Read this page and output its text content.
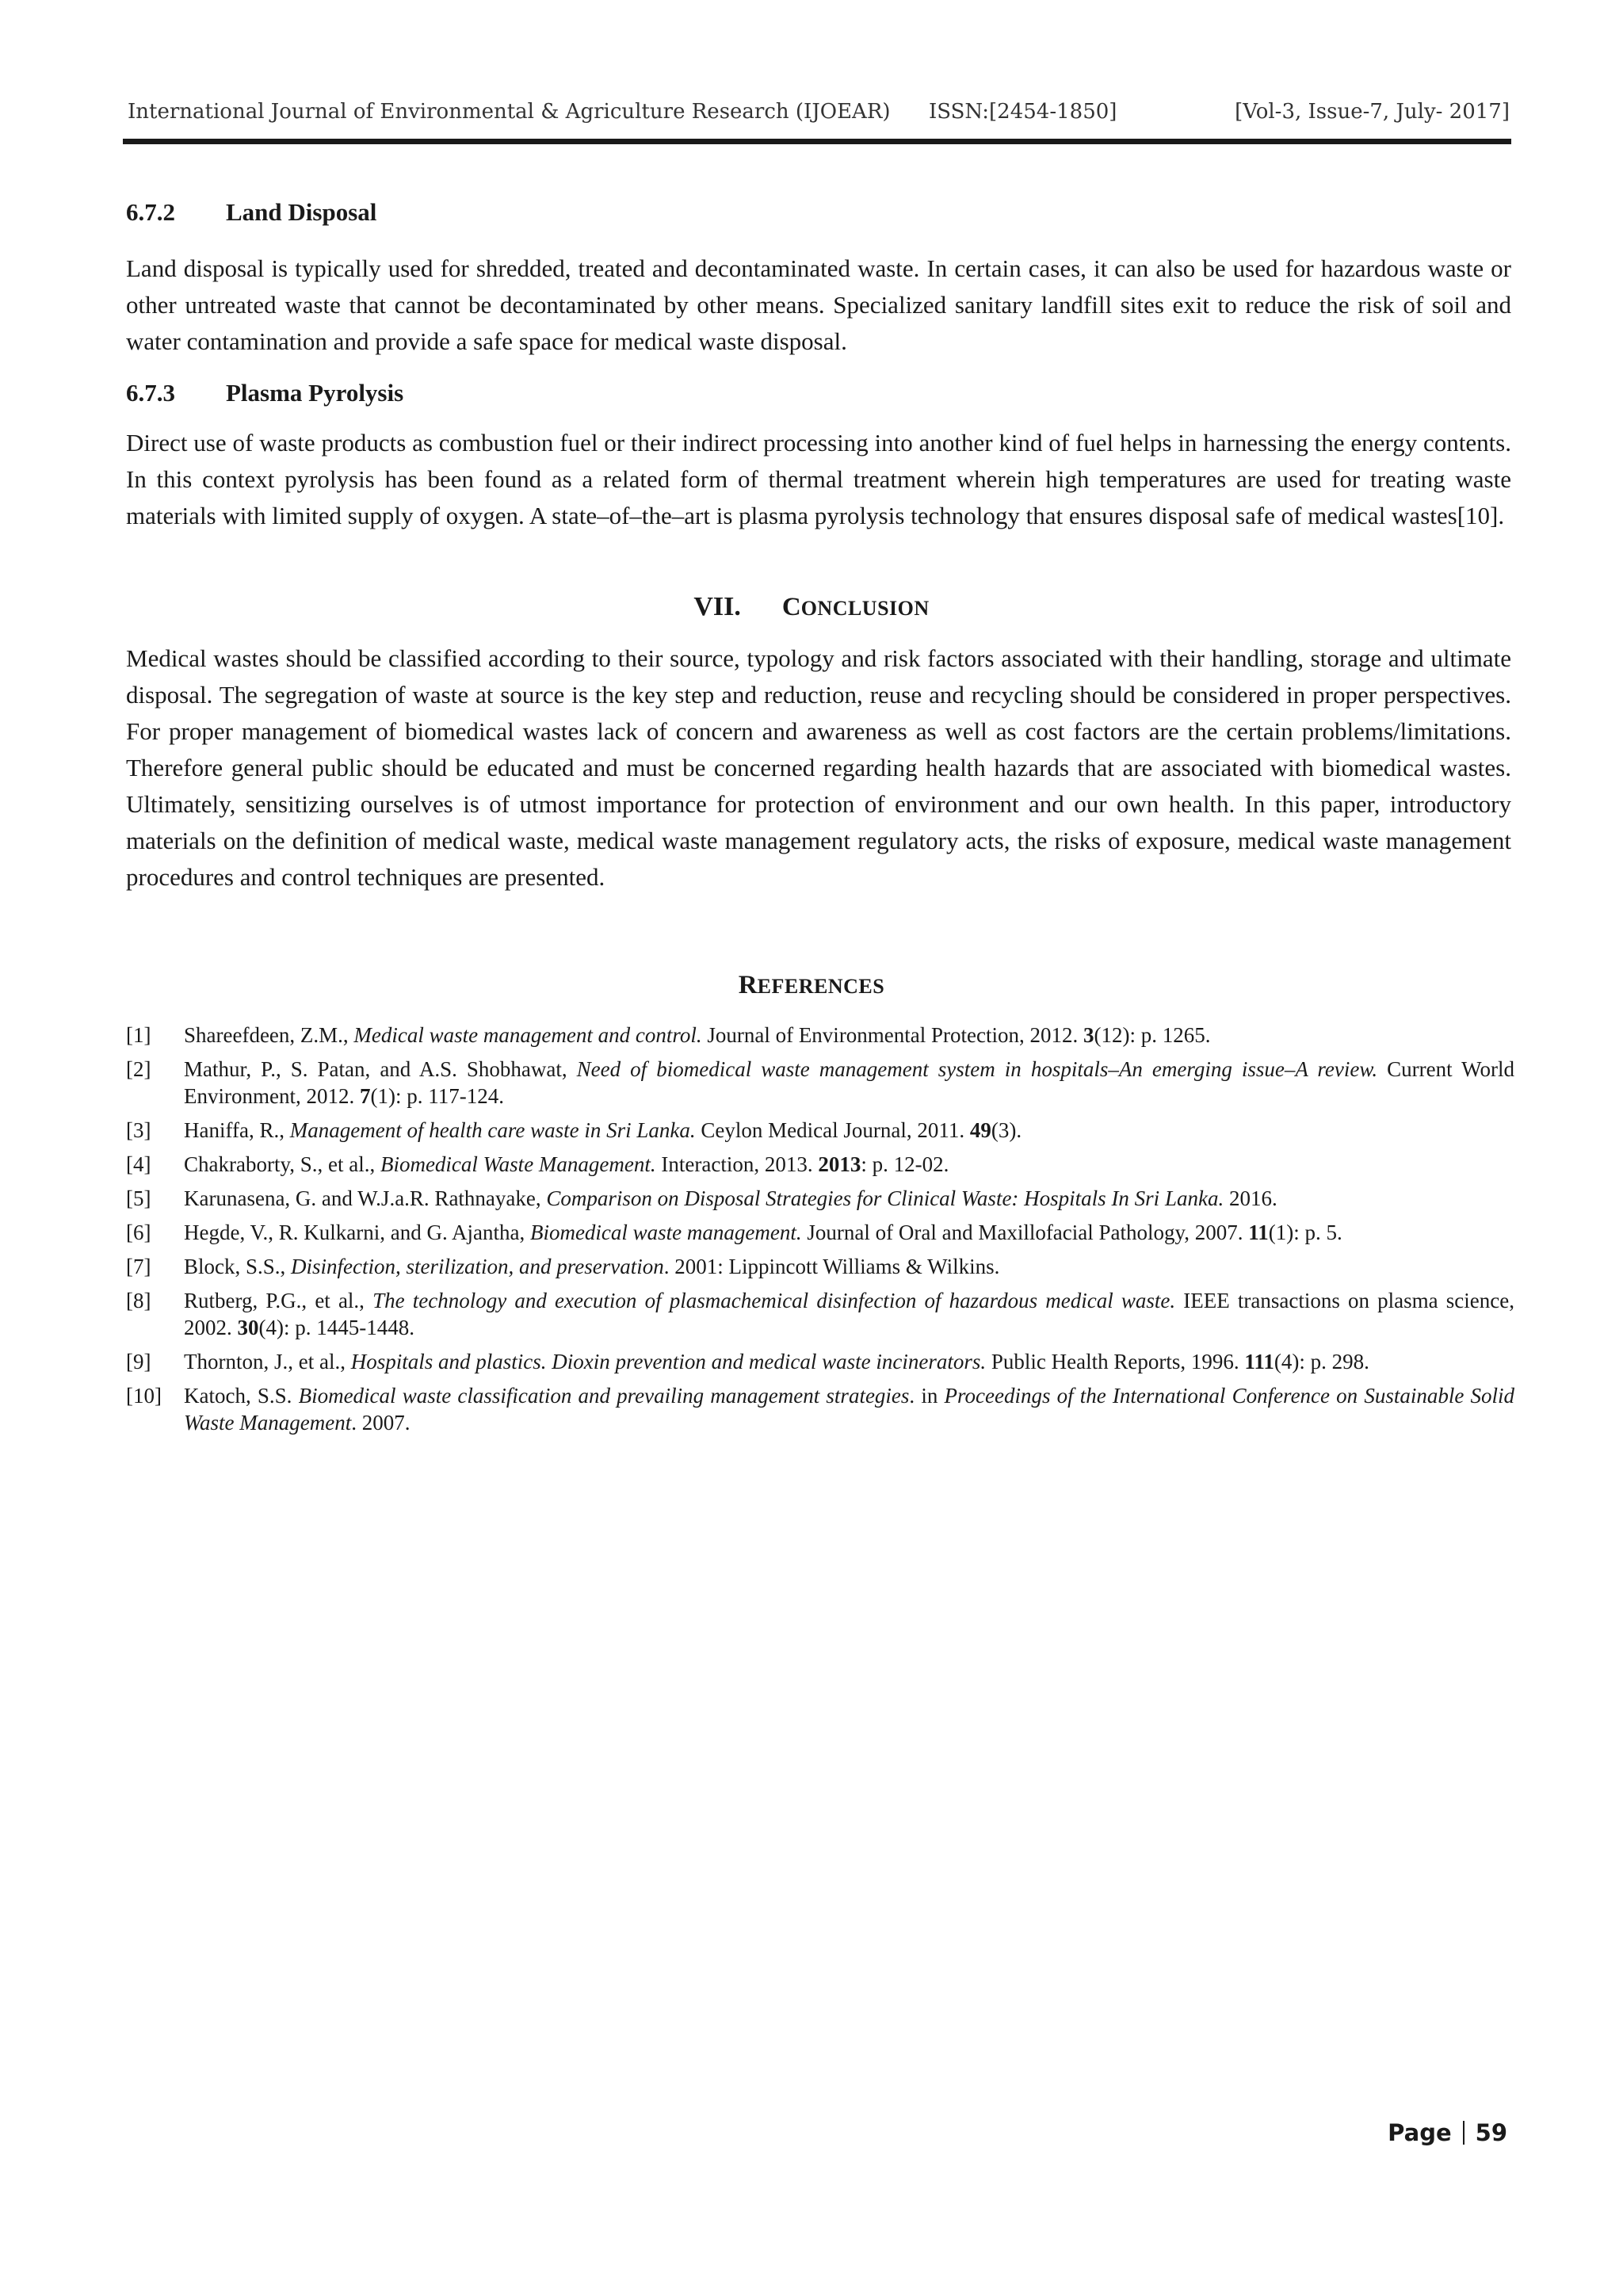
International Journal of Environmental & Agriculture Research (IJOEAR) ISSN:[2454-1850]	[Vol-3, Issue-7, July- 2017]
6.7.2 Land Disposal

Land disposal is typically used for shredded, treated and decontaminated waste. In certain cases, it can also be used for hazardous waste or other untreated waste that cannot be decontaminated by other means. Specialized sanitary landfill sites exit to reduce the risk of soil and water contamination and provide a safe space for medical waste disposal.

6.7.3 Plasma Pyrolysis

Direct use of waste products as combustion fuel or their indirect processing into another kind of fuel helps in harnessing the energy contents. In this context pyrolysis has been found as a related form of thermal treatment wherein high temperatures are used for treating waste materials with limited supply of oxygen. A state–of–the–art is plasma pyrolysis technology that ensures disposal safe of medical wastes[10].

VII. CONCLUSION

Medical wastes should be classified according to their source, typology and risk factors associated with their handling, storage and ultimate disposal. The segregation of waste at source is the key step and reduction, reuse and recycling should be considered in proper perspectives. For proper management of biomedical wastes lack of concern and awareness as well as cost factors are the certain problems/limitations. Therefore general public should be educated and must be concerned regarding health hazards that are associated with biomedical wastes. Ultimately, sensitizing ourselves is of utmost importance for protection of environment and our own health. In this paper, introductory materials on the definition of medical waste, medical waste management regulatory acts, the risks of exposure, medical waste management procedures and control techniques are presented.

REFERENCES
[1] Shareefdeen, Z.M., Medical waste management and control. Journal of Environmental Protection, 2012. 3(12): p. 1265.
[2] Mathur, P., S. Patan, and A.S. Shobhawat, Need of biomedical waste management system in hospitals–An emerging issue–A review. Current World Environment, 2012. 7(1): p. 117-124.
[3] Haniffa, R., Management of health care waste in Sri Lanka. Ceylon Medical Journal, 2011. 49(3).
[4] Chakraborty, S., et al., Biomedical Waste Management. Interaction, 2013. 2013: p. 12-02.
[5] Karunasena, G. and W.J.a.R. Rathnayake, Comparison on Disposal Strategies for Clinical Waste: Hospitals In Sri Lanka. 2016.
[6] Hegde, V., R. Kulkarni, and G. Ajantha, Biomedical waste management. Journal of Oral and Maxillofacial Pathology, 2007. 11(1): p. 5.
[7] Block, S.S., Disinfection, sterilization, and preservation. 2001: Lippincott Williams & Wilkins.
[8] Rutberg, P.G., et al., The technology and execution of plasmachemical disinfection of hazardous medical waste. IEEE transactions on plasma science, 2002. 30(4): p. 1445-1448.
[9] Thornton, J., et al., Hospitals and plastics. Dioxin prevention and medical waste incinerators. Public Health Reports, 1996. 111(4): p. 298.
[10] Katoch, S.S. Biomedical waste classification and prevailing management strategies. in Proceedings of the International Conference on Sustainable Solid Waste Management. 2007.
Page 59
